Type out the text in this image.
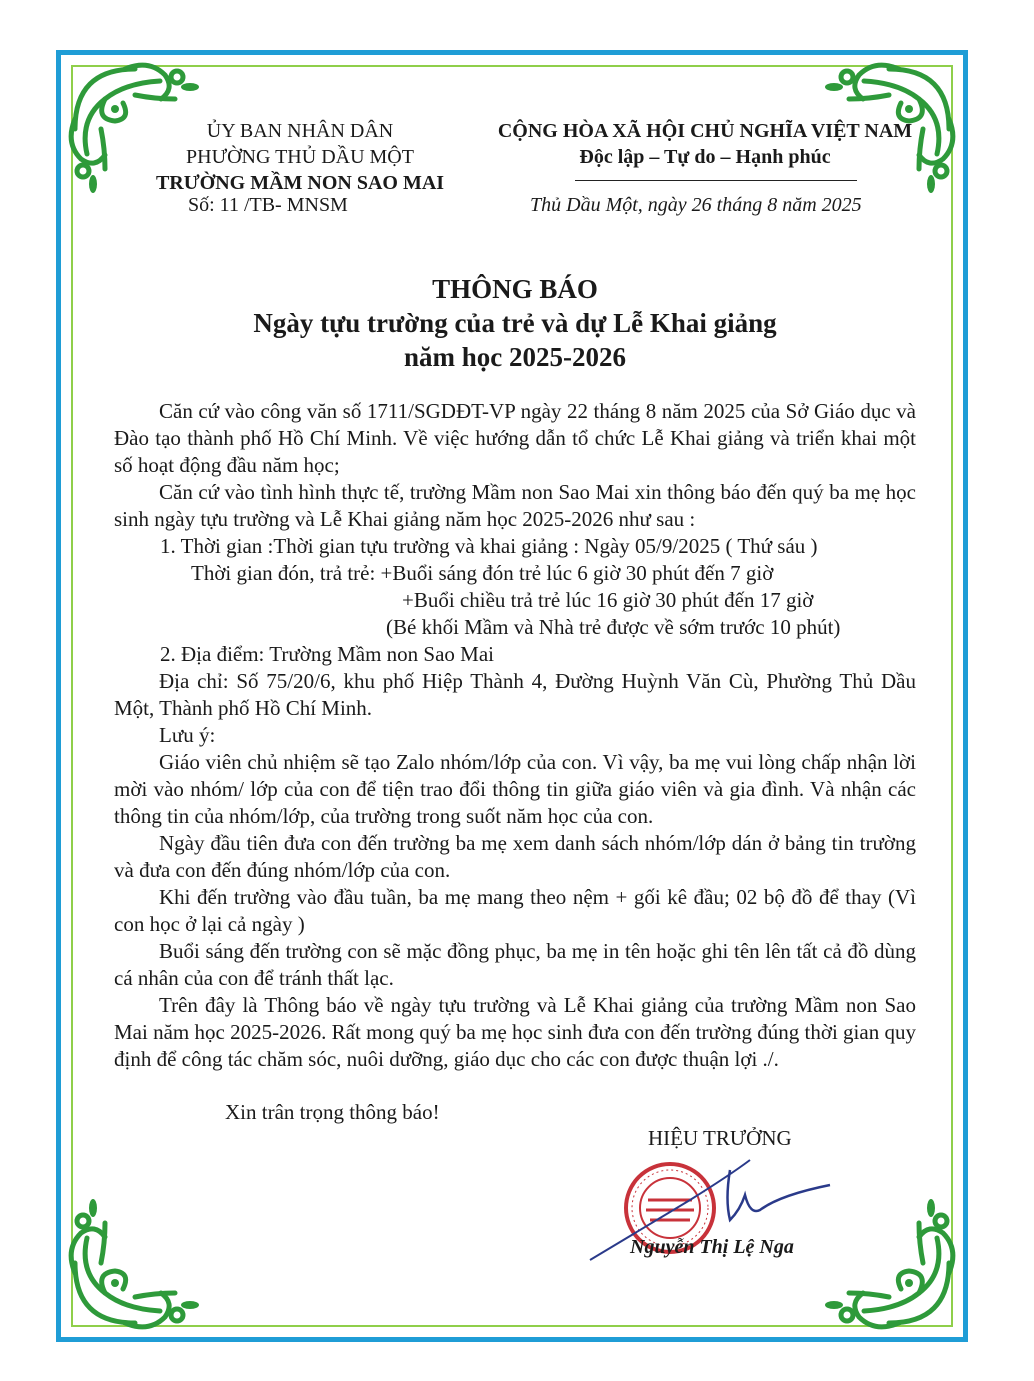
ỦY BAN NHÂN DÂN
PHƯỜNG THỦ DẦU MỘT
TRƯỜNG MẦM NON SAO MAI
Số: 11 /TB- MNSM
CỘNG HÒA XÃ HỘI CHỦ NGHĨA VIỆT NAM
Độc lập – Tự do – Hạnh phúc
Thủ Dầu Một, ngày 26 tháng 8 năm 2025
THÔNG BÁO
Ngày tựu trường của trẻ và dự Lễ Khai giảng
năm học 2025-2026

Căn cứ vào công văn số 1711/SGDĐT-VP ngày 22 tháng 8 năm 2025 của Sở Giáo dục và Đào tạo thành phố Hồ Chí Minh. Về việc hướng dẫn tổ chức Lễ Khai giảng và triển khai một số hoạt động đầu năm học;

Căn cứ vào tình hình thực tế, trường Mầm non Sao Mai xin thông báo đến quý ba mẹ học sinh ngày tựu trường và Lễ Khai giảng năm học 2025-2026 như sau :

1. Thời gian :Thời gian tựu trường và khai giảng : Ngày 05/9/2025 ( Thứ sáu )

Thời gian đón, trả trẻ: +Buổi sáng đón trẻ lúc 6 giờ 30 phút đến 7 giờ

+Buổi chiều trả trẻ lúc 16 giờ 30 phút đến 17 giờ

(Bé khối Mầm và Nhà trẻ được về sớm trước 10 phút)

2. Địa điểm: Trường Mầm non Sao Mai

Địa chỉ: Số 75/20/6, khu phố Hiệp Thành 4, Đường Huỳnh Văn Cù, Phường Thủ Dầu Một, Thành phố Hồ Chí Minh.

Lưu ý:

Giáo viên chủ nhiệm sẽ tạo Zalo nhóm/lớp của con. Vì vậy, ba mẹ vui lòng chấp nhận lời mời vào nhóm/ lớp của con để tiện trao đổi thông tin giữa giáo viên và gia đình. Và nhận các thông tin của nhóm/lớp, của trường trong suốt năm học của con.

Ngày đầu tiên đưa con đến trường ba mẹ xem danh sách nhóm/lớp dán ở bảng tin trường và đưa con đến đúng nhóm/lớp của con.

Khi đến trường vào đầu tuần, ba mẹ mang theo nệm + gối kê đầu; 02 bộ đồ để thay (Vì con học ở lại cả ngày )

Buổi sáng đến trường con sẽ mặc đồng phục, ba mẹ in tên hoặc ghi tên lên tất cả đồ dùng cá nhân của con để tránh thất lạc.

Trên đây là Thông báo về ngày tựu trường và Lễ Khai giảng của trường Mầm non Sao Mai năm học 2025-2026. Rất mong quý ba mẹ học sinh đưa con đến trường đúng thời gian quy định để công tác chăm sóc, nuôi dưỡng, giáo dục cho các con được thuận lợi ./.

Xin trân trọng thông báo!
HIỆU TRƯỞNG
Nguyễn Thị Lệ Nga
